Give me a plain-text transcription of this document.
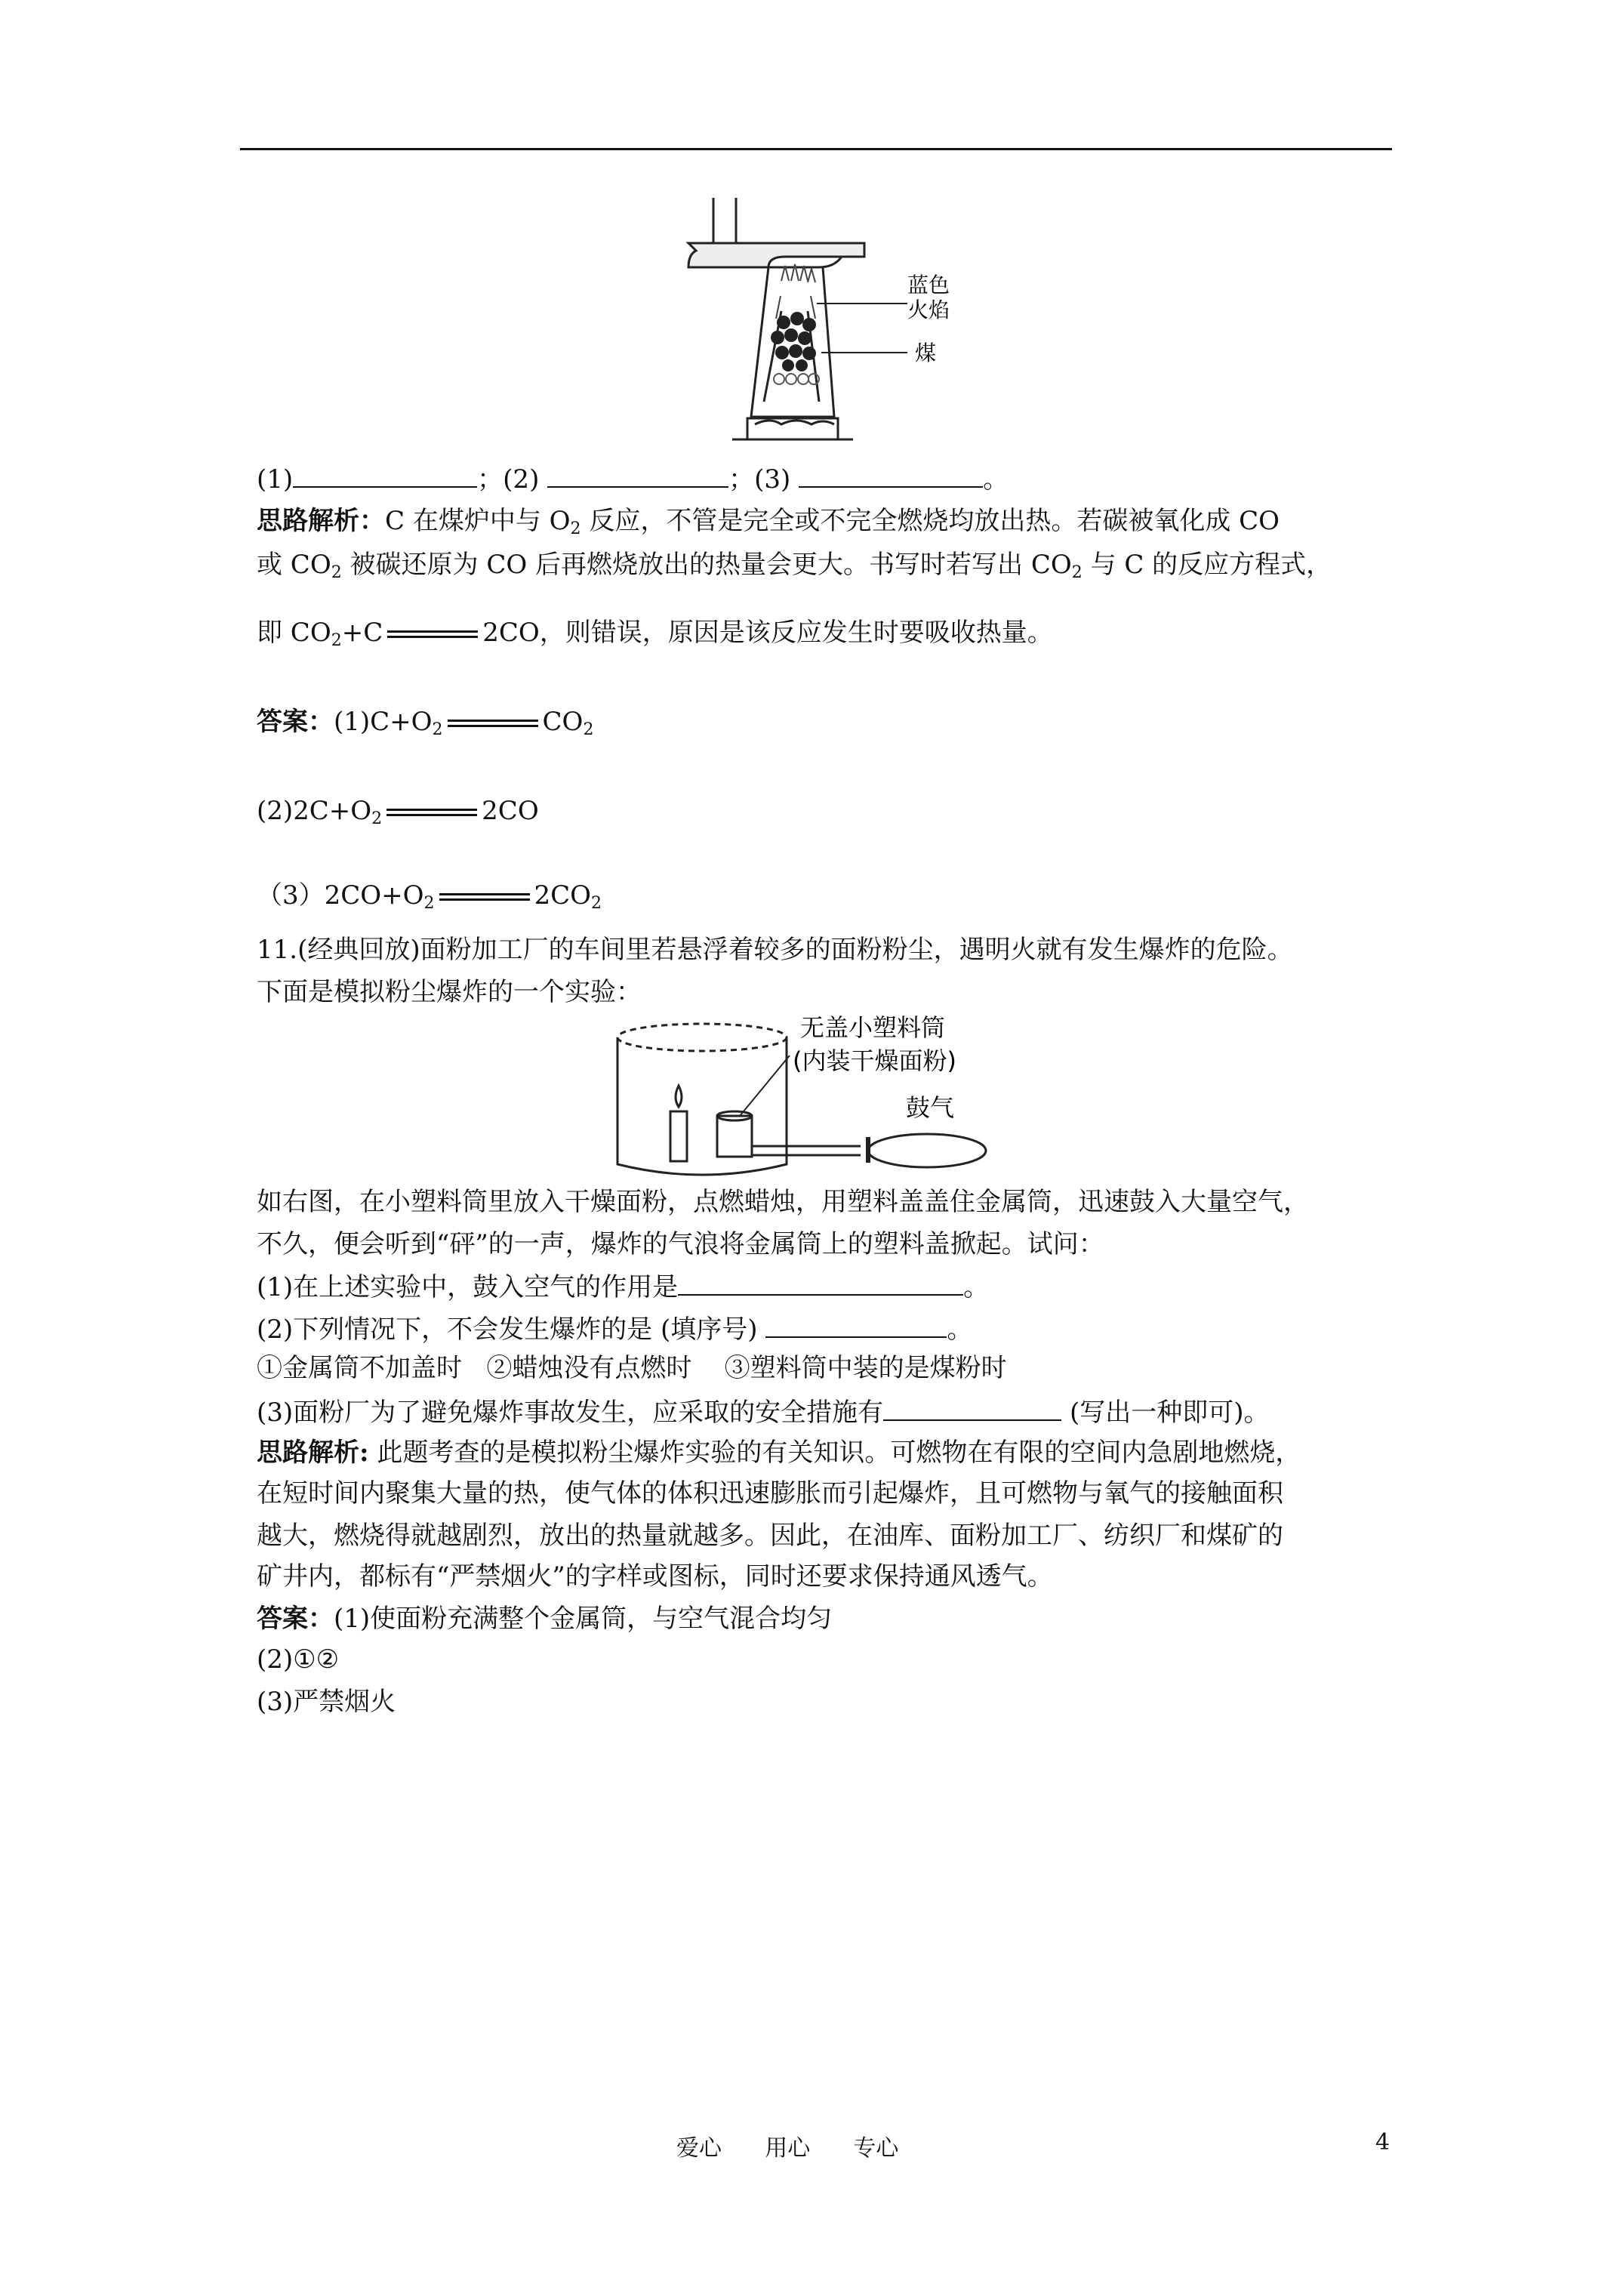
蓝色
火焰
煤
(1)	；(2)	；(3)	。
思路解析：C 在煤炉中与 $O_2$ 反应，不管是完全或不完全燃烧均放出热。若碳被氧化成 CO
或 $CO_2$ 被碳还原为 CO 后再燃烧放出的热量会更大。书写时若写出 $CO_2$ 与 C 的反应方程式，
即 $CO_2+C$	2CO，则错误，原因是该反应发生时要吸收热量。
答案：$(1)C+O_2$	$CO_2$
$(2)2C+O_2$	2CO
$(3)2CO+O_2$	$2CO_2$
11.(经典回放)面粉加工厂的车间里若悬浮着较多的面粉粉尘，遇明火就有发生爆炸的危险。
下面是模拟粉尘爆炸的一个实验：
无盖小塑料筒
(内装干燥面粉)
鼓气
如右图，在小塑料筒里放入干燥面粉，点燃蜡烛，用塑料盖盖住金属筒，迅速鼓入大量空气，
不久，便会听到“砰”的一声，爆炸的气浪将金属筒上的塑料盖掀起。试问：
(1)在上述实验中，鼓入空气的作用是	。
(2)下列情况下，不会发生爆炸的是 (填序号)	。
①金属筒不加盖时   ②蜡烛没有点燃时    ③塑料筒中装的是煤粉时
(3)面粉厂为了避免爆炸事故发生，应采取的安全措施有	(写出一种即可)。
思路解析: 此题考查的是模拟粉尘爆炸实验的有关知识。可燃物在有限的空间内急剧地燃烧，
在短时间内聚集大量的热，使气体的体积迅速膨胀而引起爆炸，且可燃物与氧气的接触面积
越大，燃烧得就越剧烈，放出的热量就越多。因此，在油库、面粉加工厂、纺织厂和煤矿的
矿井内，都标有“严禁烟火”的字样或图标，同时还要求保持通风透气。
答案：(1)使面粉充满整个金属筒，与空气混合均匀
(2)①②
(3)严禁烟火
爱心      用心      专心	4
